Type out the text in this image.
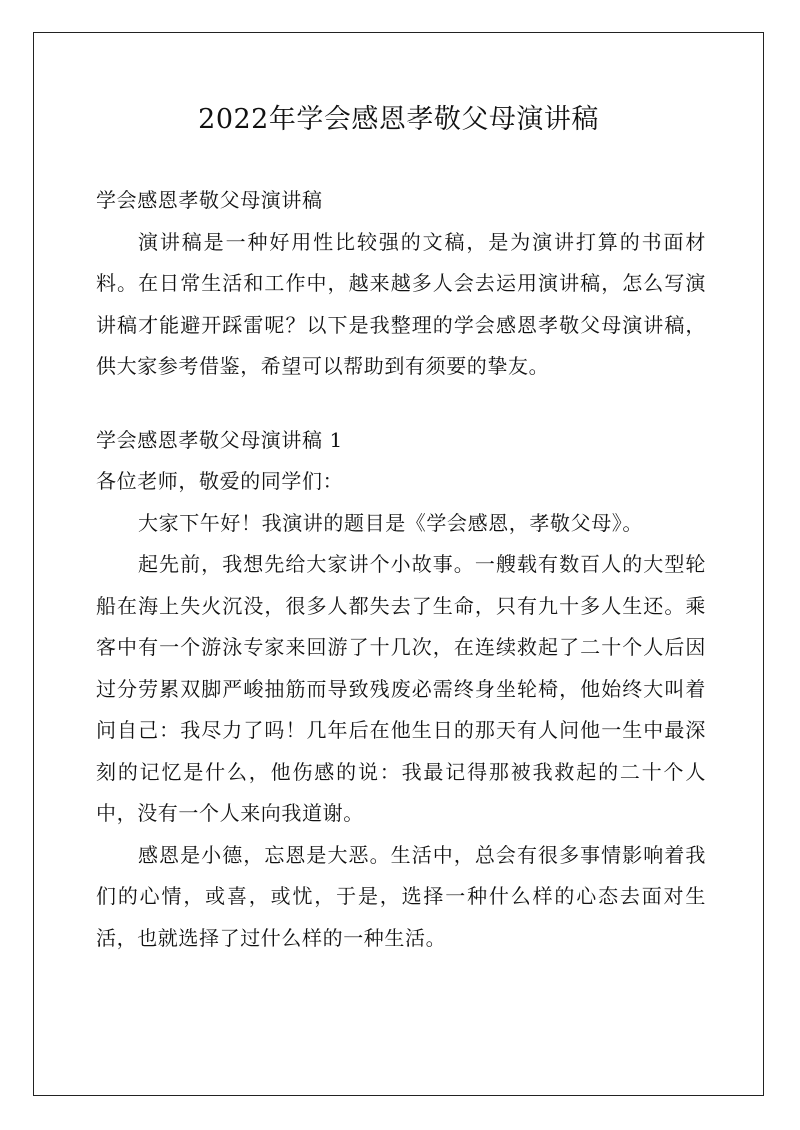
2022年学会感恩孝敬父母演讲稿

学会感恩孝敬父母演讲稿

演讲稿是一种好用性比较强的文稿，是为演讲打算的书面材料。在日常生活和工作中，越来越多人会去运用演讲稿，怎么写演讲稿才能避开踩雷呢？以下是我整理的学会感恩孝敬父母演讲稿，供大家参考借鉴，希望可以帮助到有须要的挚友。

学会感恩孝敬父母演讲稿 1

各位老师，敬爱的同学们：

大家下午好！我演讲的题目是《学会感恩，孝敬父母》。

起先前，我想先给大家讲个小故事。一艘载有数百人的大型轮船在海上失火沉没，很多人都失去了生命，只有九十多人生还。乘客中有一个游泳专家来回游了十几次，在连续救起了二十个人后因过分劳累双脚严峻抽筋而导致残废必需终身坐轮椅，他始终大叫着问自己：我尽力了吗！几年后在他生日的那天有人问他一生中最深刻的记忆是什么，他伤感的说：我最记得那被我救起的二十个人中，没有一个人来向我道谢。

感恩是小德，忘恩是大恶。生活中，总会有很多事情影响着我们的心情，或喜，或忧，于是，选择一种什么样的心态去面对生活，也就选择了过什么样的一种生活。
